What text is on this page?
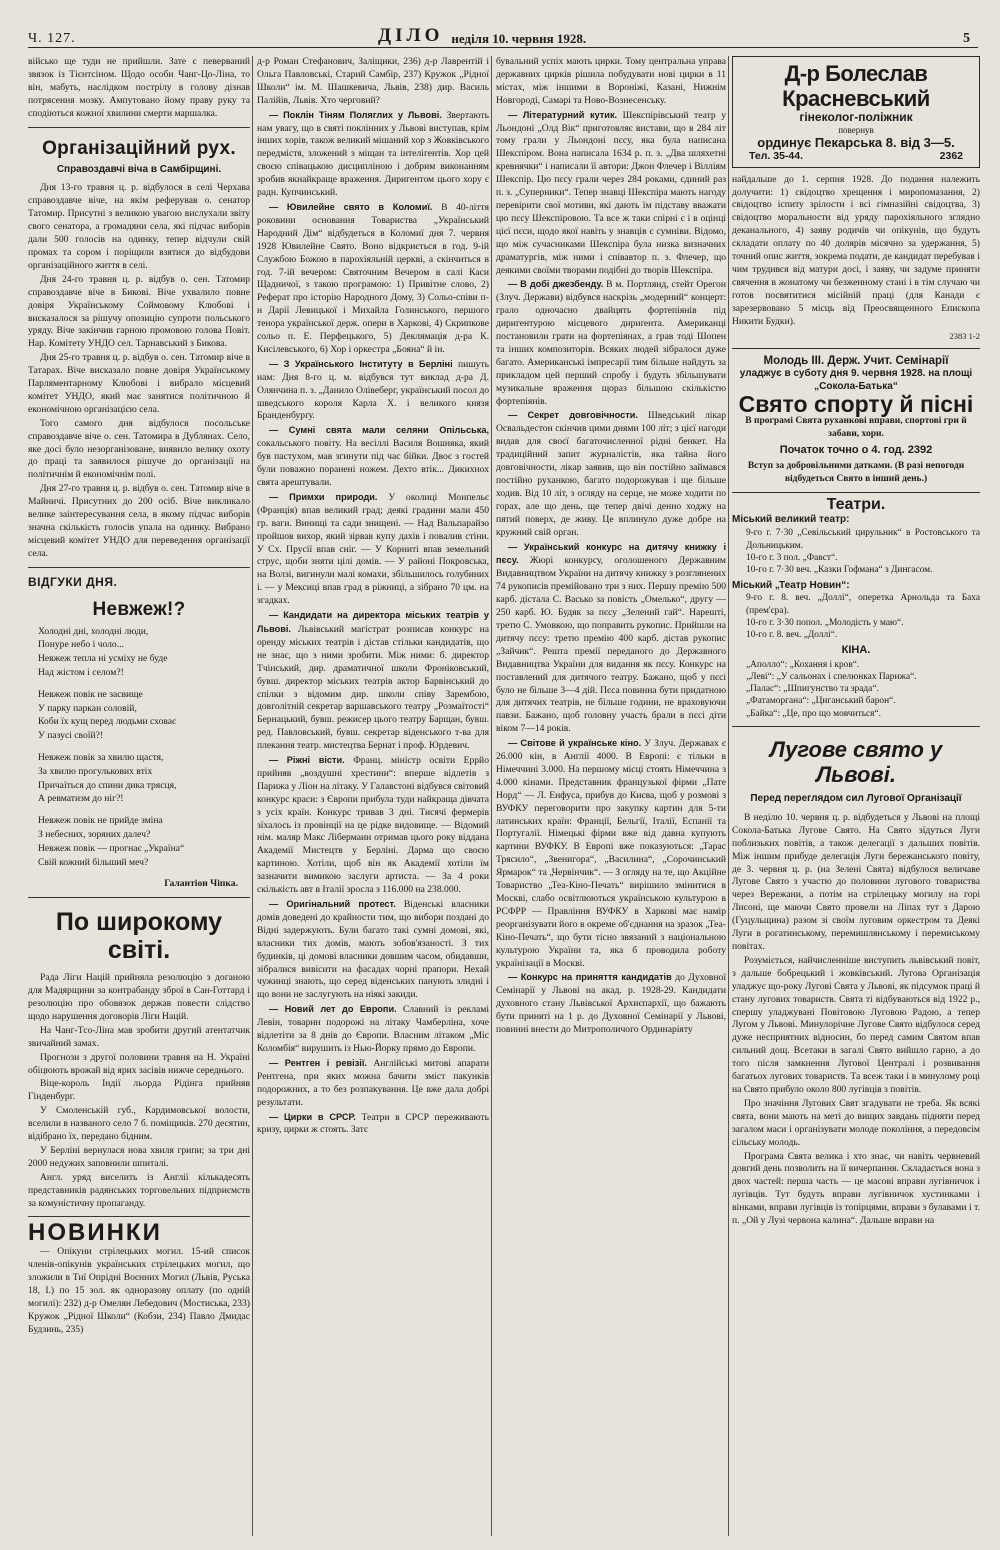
Ч. 127.	ДІЛО неділя 10. червня 1928.	5

військо ще туди не прийшли. Зате є певерваний звязок із Тієнтсіном. Щодо особи Чанг-Цо-Ліна, то він, мабуть, наслідком пострілу в голову дізнав потрясення мозку. Ампутовано йому праву руку та сподіються кожної хвилини смерти маршалка.

Організаційний рух.
Справоздавчі віча в Самбірщині.

Дня 13-го травня ц. р. відбулося в селі Черхава справоздавче віче, на якім реферував о. сенатор Татомир. Присутні з великою увагою вислухали звіту свого сенатора, а громадяни села, які підчас виборів дали 500 голосів на одинку, тепер відчули свій промах та сором і поріщили взятися до відбудови організаційного життя в селі.

Дня 24-го травня ц. р. відбув о. сен. Татомир справоздавче віче в Бикові. Віче ухвалило повне довіря Українському Соймовому Клюбові і висказалося за рішучу опозицію супроти польського уряду. Віче закінчив гарною промовою голова Повіт. Нар. Комітету УНДО сел. Тарнавський з Бикова.

Дня 25-го травня ц. р. відбув о. сен. Татомир віче в Татарах. Віче висказало повне довіря Українському Парляментарному Клюбові і вибрало місцевий комітет УНДО, який має занятися політичною й економічною організацією села.

Того самого дня відбулося посольське справоздавче віче о. сен. Татомира в Дублянах. Село, яке досі було незорганізоване, виявило велику охоту до праці та заявилося рішуче до організації на політичнім й економічнім полі.

Дня 27-го травня ц. р. відбув о. сен. Татомир віче в Майничі. Присутних до 200 осіб. Віче викликало велике заінтересування села, в якому підчас виборів значна скількість голосів упала на одинку. Вибрано місцевий комітет УНДО для переведення організації села.

ВІДГУКИ ДНЯ.
Невжеж!?
Холодні дні, холодні люди,
Понуре небо і чоло...
Невжеж тепла ні усміху не буде
Над жістом і селом?!
Невжеж повік не засвище
У парку паркан соловій,
Коби їх кущ перед людьми сховає
У пазусі своїй?!
Невжеж повік за хвилю щастя,
За хвилю прогулькових втіх
Причаїться до спини дика трясця,
А ревматизм до ніг?!
Невжеж повік не прийде зміна
З небесних, зоряних далеч?
Невжеж повік — прогнає „Україна“
Свій кожний більший меч?
Галантіон Чіпка.
По широкому світі.

Рада Ліги Націй прийняла резолюцію з доганою для Мадярщини за контрабанду зброї в Сан-Готтард і резолюцію про обовязок держав повести слідство щодо нарушення договорів Ліги Націй.

На Чанг-Тсо-Ліна мав зробити другий атентатчик звичайний замах.

Прогнози з другої половини травня на Н. Україні обіцюють врожай від ярих засівів нижче середнього.

Віце-король Індії льорда Рідінга прийняв Гінденбург.

У Смоленській губ., Кардимовської волости, вселили в названого село 7 б. поміщиків. 270 десятин, відібрано їх, передано бідним.

У Берліні вернулася нова хвиля грипи; за три дні 2000 недужих заповнили шпиталі.

Англ. уряд виселить із Англії кількадесять представників радянських торговельних підприємств за комуністичну пропаганду.

НОВИНКИ

— Опікуни стрілецьких могил. 15-ий список членів-опікунів українських стрілецьких могил, що зложили в Тиї Опрідні Воєнних Могил (Львів, Руська 18, I.) по 15 зол. як одноразову оплату (по одній могилі): 232) д-р Омелян Лебедович (Мостиська, 233) Кружок „Рідної Школи“ (Кобзи, 234) Павло Дмидас Будзинь, 235)

д-р Роман Стефанович, Заліщики, 236) д-р Лаврентій і Ольга Павловські, Старий Самбір, 237) Кружок „Рідної Школи“ ім. М. Шашкевича, Львів, 238) дир. Василь Палійів, Львів. Хто черговий?

— Поклін Тіням Поляглих у Львові. Звертають нам увагу, що в святі поклінних у Львові виступав, крім інших хорів, також великий мішаний хор з Жовківського передмістя, зложений з міщан та інтелігентів. Хор цей своєю співацькою дисципліною і добрим виконанням зробив якнайкраще враження. Диригентом цього хору є радн. Купчинський.

— Ювилейне свято в Коломиї. В 40-ліття роковини основання Товариства „Український Народний Дім“ відбудеться в Коломиї дня 7. червня 1928 Ювилейне Свято. Воно відкриється в год. 9-ій Службою Божою в парохіяльній церкві, а скінчиться в год. 7-ій вечером: Святочним Вечером в салі Каси Щадничої, з такою програмою: 1) Привітне слово, 2) Реферат про історію Народного Дому, 3) Сольо-співи п-н Дарії Левицької і Михайла Голинського, першого тенора української держ. опери в Харкові, 4) Скрипкове сольо п. Е. Перфецького, 5) Деклямація д-ра К. Кисілевського, 6) Хор і оркестра „Бояна“ й ін.

— З Українського Інституту в Берліні пишуть нам: Дня 8-го ц. м. відбувся тут виклад д-ра Д. Олянчина п. з. „Данило Олівеберг, український посол до шведського короля Карла Х. і великого князя Бранденбурґу.

— Сумні свята мали селяни Опільська, сокальського повіту. На весіллі Василя Вошняка, який був пастухом, мав згинути під час бійки. Двоє з гостей були поважно поранені ножем. Дехто втік... Дикихнох свята арештували.

— Примхи природи. У околиці Монпельє (Франція) впав великий град; деякі градини мали 450 гр. ваги. Винищі та сади знищені. — Над Вальпарайзо пройшов вихор, який зірвав купу дахів і повалив стіни. У Сх. Прусії впав сніг. — У Корниті впав земельний струс, щоби зняти цілі домів. — У районі Покровська, на Волзі, вигинули малі комахи, збільшилось голубиних і. — у Мексиці впав град в ріжниці, а зібрано 70 цм. на згадках.

— Кандидати на директора міських театрів у Львові. Львівський магістрат розписав конкурс на оренду міських театрів і дістав стільки кандидатів, що не знає, що з ними зробити. Між ними: б. директор Тчінський, дир. драматичної школи Фроніковський, бувш. директор міських театрів актор Барвінський до спілки з відомим дир. школи співу Зарембою, довголітній секретар варшавського театру „Розмаїтості“ Бернацький, бувш. режисер цього театру Барщан, бувш. ред. Павловський, бувш. секретар віденського т-ва для плекання театр. мистецтва Бернат і проф. Юрдевич.

— Ріжні вісти. Франц. міністр освіти Еррйо прийняв „воздушні хрестини“: вперше відлетів з Парижа у Ліон на літаку. У Галавстоні відбувся світовий конкурс краси: з Європи прибула туди найкраща дівчата з усіх країн. Конкурс тривав 3 дні. Тисячі фермерів зїхалось із провінції на це рідке видовище. — Відомий нім. маляр Макс Лібермаин отримав цього року віддана Академії Мистецтв у Берліні. Дарма що своєю картиною. Хотіли, щоб він як Академії хотіли їм зазначити вимикою заслуги артиста. — За 4 роки скількість авт в Італії зросла з 116.000 на 238.000.

— Оригінальний протест. Віденські власники домів доведені до крайности тим, що вибори поздані до Відні задержують. Були багато такі сумні домові, які, власники тих домів, мають зобов'язаності. З тих будинків, ці домові власники довшим часом, обидавши, зібралися вивісити на фасадах чорні прапори. Нехай чужинці знають, що серед віденських панують злидні і що вони не заслугують на ніякі закиди.

— Новий лет до Европи. Славний із рекламі Левін, товарин подорожі на літаку Чамберліна, хоче відлетіти за 8 днів до Європи. Власним літаком „Міс Коломбія“ вирушить із Нью-Йорку прямо до Европи.

— Рентген і ревізії. Англійські митові апарати Рентгена, при яких можна бачити зміст пакунків подорожних, а то без розпакування. Це вже дала добрі результати.

— Цирки в СРСР. Театри в СРСР переживають кризу, цирки ж стоять. Затє

бувальний успіх мають цирки. Тому центральна управа державних цирків рішила побудувати нові цирки в 11 містах, між іншими в Вороніжі, Казані, Нижнім Новгороді, Самарі та Ново-Вознесенську.

— Літературний кутик. Шекспірівський театр у Льондоні „Олд Вік“ приготовляє вистави, що в 284 літ тому грали у Льондоні пєсу, яка була написана Шекспіром. Вона написала 1634 р. п. з. „Два шляхетні кревнячки“ і написали її автори: Джон Флечер і Вілліям Шекспір. Цю пєсу грали через 284 роками, єдиний раз п. з. „Суперники“. Тепер знавці Шекспіра мають нагоду перевірити свої мотиви, які дають їм підставу вважати цю пєсу Шекспіровою. Та все ж таки спірні є і в оцінці цієї пєси, щодо якої навіть у знавців є сумніви. Відомо, що між сучасниками Шекспіра була низка визначних драматургів, між ними і співавтор п. з. Флечер, що деякими своїми творами подібні до творів Шекспіра.

— В добі джезбенду. В м. Портлянд, стейт Орегон (Злуч. Держави) відбувся наскрізь „модерний“ концерт: грало одночасно двайцять фортепіянів під диригентурою місцевого дириґента. Американці постановили грати на фортепіянах, а грав тоді Шопен та інших композиторів. Всяких людей зібралося дуже багато. Американські імпресарії тим більше найдуть за прикладом цей перший спробу і будуть збільшувати музикальне враження щораз більшою скількістю фортепіянів.

— Секрет довговічности. Шведський лікар Освальдестон скінчив цими днями 100 літ; з цієї нагоди видав для своєї багаточисленної рідні бенкет. На традиційний запит журналістів, яка тайна його довговічности, лікар заявив, що він постійно займався постійно руханкою, багато подорожував і ще більше ходив. Від 10 літ, з огляду на серце, не може ходити по горах, але що день, ще тепер двічі денно ходжу на пятий поверх, де живу. Це вплинуло дуже добре на кружний свій орган.

— Український конкурс на дитячу книжку і пєсу. Жюрі конкурсу, оголошеного Державним Видавництвом України на дитячу книжку з розглянених 74 рукописів премійовано три з них. Першу премію 500 карб. дістала С. Васько за повість „Омелько“, другу — 250 карб. Ю. Будяк за пєсу „Зелений гай“. Нарешті, третю С. Умовкою, що поправить рукопис. Прийшли на дитячу пєсу: третю премію 400 карб. дістав рукопис „Зайчик“. Решта премії переданого до Державного Видавництва України для видання як пєсу. Конкурс на поставлений для дитячого театру. Бажано, щоб у пєсі було не більше 3—4 дій. Пєса повинна бути придатною для дитячих театрів, не більше години, не враховуючи павзи. Бажано, щоб головну участь брали в пєсі діти віком 7—14 років.

— Світове й українське кіно. У Злуч. Державах є 26.000 кін, в Англії 4000. В Европі: є тільки в Німеччині 3.000. На першому місці стоять Німеччина з 4.000 кінами. Представник французької фірми „Пате Норд“ — Л. Енфуса, прибув до Києва, щоб у розмові з ВУФКУ переговорити про закупку картин для 5-ти латинських країн: Франції, Бельгії, Італії, Еспанії та Португалії. Німецькі фірми вже від давна купують картини ВУФКУ. В Европі вже показуються: „Тарас Трясило“, „Звенигора“, „Василина“, „Сорочинський Ярмарок“ та „Червінчик“. — З огляду на те, що Акційне Товариство „Теа-Кіно-Печать“ вирішило змінитися в Москві, слабо освітлюються українською культурою в РСФРР — Правління ВУФКУ в Харкові має намір реорганізувати його в окреме об'єднання на зразок „Теа-Кіно-Печать“, що бути тісно звязаний з національною культурою України та, яка б проводила роботу українізації в Москві.

— Конкурс на приняття кандидатів до Духовної Семінарії у Львові на акад. р. 1928-29. Кандидати духовного стану Львівської Архиєпархії, що бажають бути приняті на 1 р. до Духовної Семінарії у Львові, повинні внести до Митрополичого Ординаріяту

Д-р Болеслав Красневський
гінеколог-поліжник
повернув
ординує Пекарська 8. від 3—5.
Тел. 35-44.	2362

найдальше до 1. серпня 1928. До подання належить долучити: 1) свідоцтво хрещення і миропомазання, 2) свідоцтво іспиту зрілости і всі гімназійні свідоцтва, 3) свідоцтво моральности від уряду парохіяльного зглядно деканального, 4) заяву родичів чи опікунів, що будуть складати оплату по 40 долярів місячно за удержання, 5) точний опис життя, зокрема подати, де кандидат перебував і чим трудився від матури досі, і заяву, чи задуме приняти свячення в жонатому чи безженному стані і в тім случаю чи готов посвятитися місійній праці (для Канади є зарезервовано 5 місць від Преосвященного Епископа Никити Будки).

2383 1-2
Молодь III. Держ. Учит. Семінарії
уладжує в суботу дня 9. червня 1928. на площі „Сокола-Батька“
Свято спорту й пісні
В програмі Свята руханкові вправи, спортові гри й забави, хори.
Початок точно о 4. год. 2392
Вступ за добровільними датками. (В разі непогоди відбудеться Свято в інший день.)
Театри.
Міський великий театр:
9-го г. 7·30 „Севільський цирульник“ в Ростовського та Дольницьким.
10-го г. 3 пол. „Фавст“.
10-го г. 7·30 веч. „Казки Гофмана“ з Дингасом.
Міський „Театр Новин“:
9-го г. 8. веч. „Доллі“, оперетка Арнольда та Баха (прем'єра).
10-го г. 3·30 попол. „Молодість у маю“.
10-го г. 8. веч. „Доллі“.
КІНА.
„Аполло“: „Кохання і кров“.
„Леві“: „У сальонах і спелюнках Парижа“.
„Палас“: „Шпигунство та зрада“.
„Фатаморгана“: „Циганський барон“.
„Байка“: „Це, про що мовчиться“.
Лугове свято у Львові.
Перед переглядом сил Лугової Організації

В неділю 10. червня ц. р. відбудеться у Львові на площі Сокола-Батька Лугове Свято. На Свято зїдуться Луги поблизьких повітів, а також делегації з дальших повітів. Між іншим прибуде делегація Луги бережанського повіту, де 3. червня ц. р. (на Зелені Свята) відбулося величаве Лугове Свято з участю до половини лугового товариства через Вережани, а потім на стрілецьку могилу на горі Лисоні, ще маючи Свято провели на Ліпах тут з Дарою (Гуцульщина) разом зі своїм луговим оркестром та Деякі Луги в рогатинському, перемишлянському і перемиському повітах.

Розуміється, найчисленніше виступить львівський повіт, з дальше бобрецький і жовківський. Лугова Організація уладжує що-року Лугові Свята у Львові, як підсумок праці й стану лугових товариств. Свята ті відбуваються від 1922 р., спершу уладжувані Повітовою Луговою Радою, а тепер Лугом у Львові. Минулорічне Лугове Свято відбулося серед дуже несприятних відносин, бо перед самим Святом впав сильний дощ. Всетаки в загалі Свято вийшло гарно, а до того після замкнення Лугової Централі і розвивання багатьох лугових товариств. Та всеж таки і в минулому році на Свято прибуло около 800 лугівців з повітів.

Про значіння Лугових Свят згадувати не треба. Як всякі свята, вони мають на меті до вищих завдань підняти перед загалом маси і організувати молоде покоління, а передовсім сільську молодь.

Програма Свята велика і хто знає, чи навіть червневий довгий день позволить на її вичерпання. Складається вона з двох частей: перша часть — це масові вправи лугівничок і лугівців. Тут будуть вправи лугівничок хустинками і вінками, вправи лугівців із топірцями, вправи з булавами і т. п. „Ой у Лузі червона калина“. Дальше вправи на
